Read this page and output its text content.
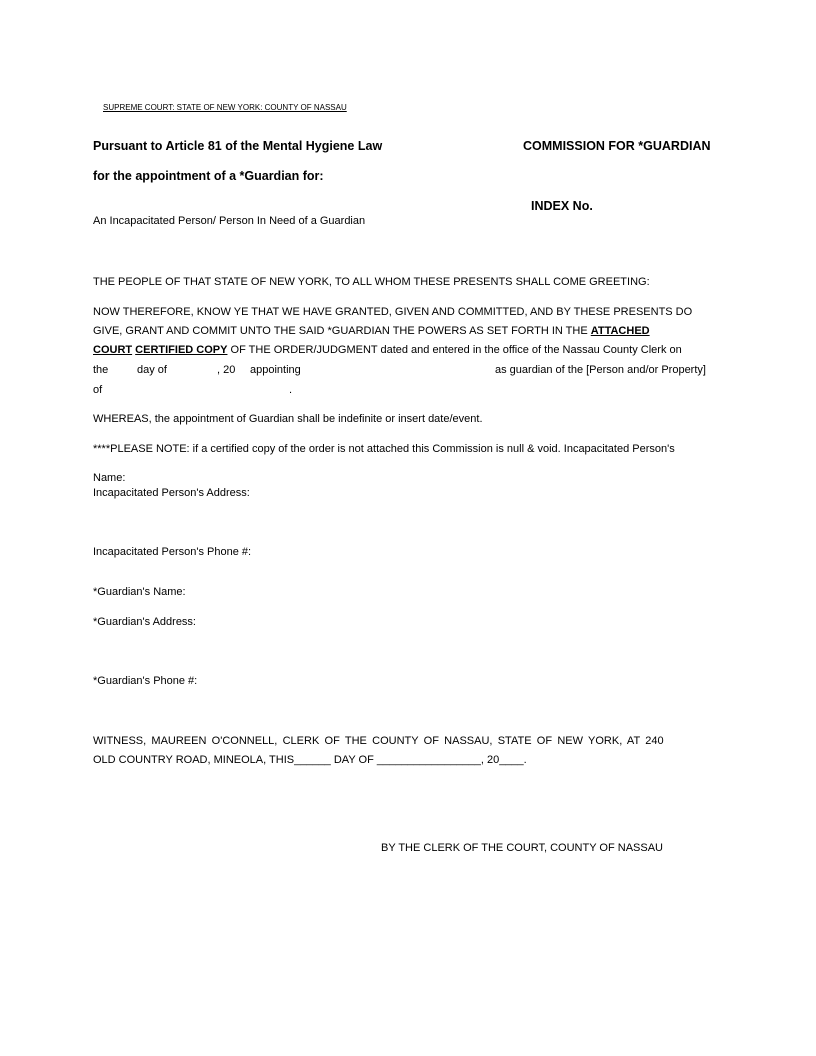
SUPREME COURT: STATE OF NEW YORK: COUNTY OF NASSAU
Pursuant to Article 81 of the Mental Hygiene Law	COMMISSION FOR *GUARDIAN
for the appointment of a *Guardian for:
INDEX No.
An Incapacitated Person/ Person In Need of a Guardian
THE PEOPLE OF THAT STATE OF NEW YORK, TO ALL WHOM THESE PRESENTS SHALL COME GREETING:
NOW THEREFORE, KNOW YE THAT WE HAVE GRANTED, GIVEN AND COMMITTED, AND BY THESE PRESENTS DO
GIVE, GRANT AND COMMIT UNTO THE SAID *GUARDIAN THE POWERS AS SET FORTH IN THE ATTACHED
COURT CERTIFIED COPY OF THE ORDER/JUDGMENT dated and entered in the office of the Nassau County Clerk on
the	day of	, 20 appointing	as guardian of the [Person and/or Property]
of	.
WHEREAS, the appointment of Guardian shall be indefinite or insert date/event.
****PLEASE NOTE: if a certified copy of the order is not attached this Commission is null & void. Incapacitated Person's
Name:
Incapacitated Person's Address:
Incapacitated Person's Phone #:
*Guardian's Name:
*Guardian's Address:
*Guardian's Phone #:
WITNESS, MAUREEN O'CONNELL, CLERK OF THE COUNTY OF NASSAU, STATE OF NEW YORK, AT 240
OLD COUNTRY ROAD, MINEOLA, THIS______ DAY OF _________________, 20____.
BY THE CLERK OF THE COURT, COUNTY OF NASSAU
